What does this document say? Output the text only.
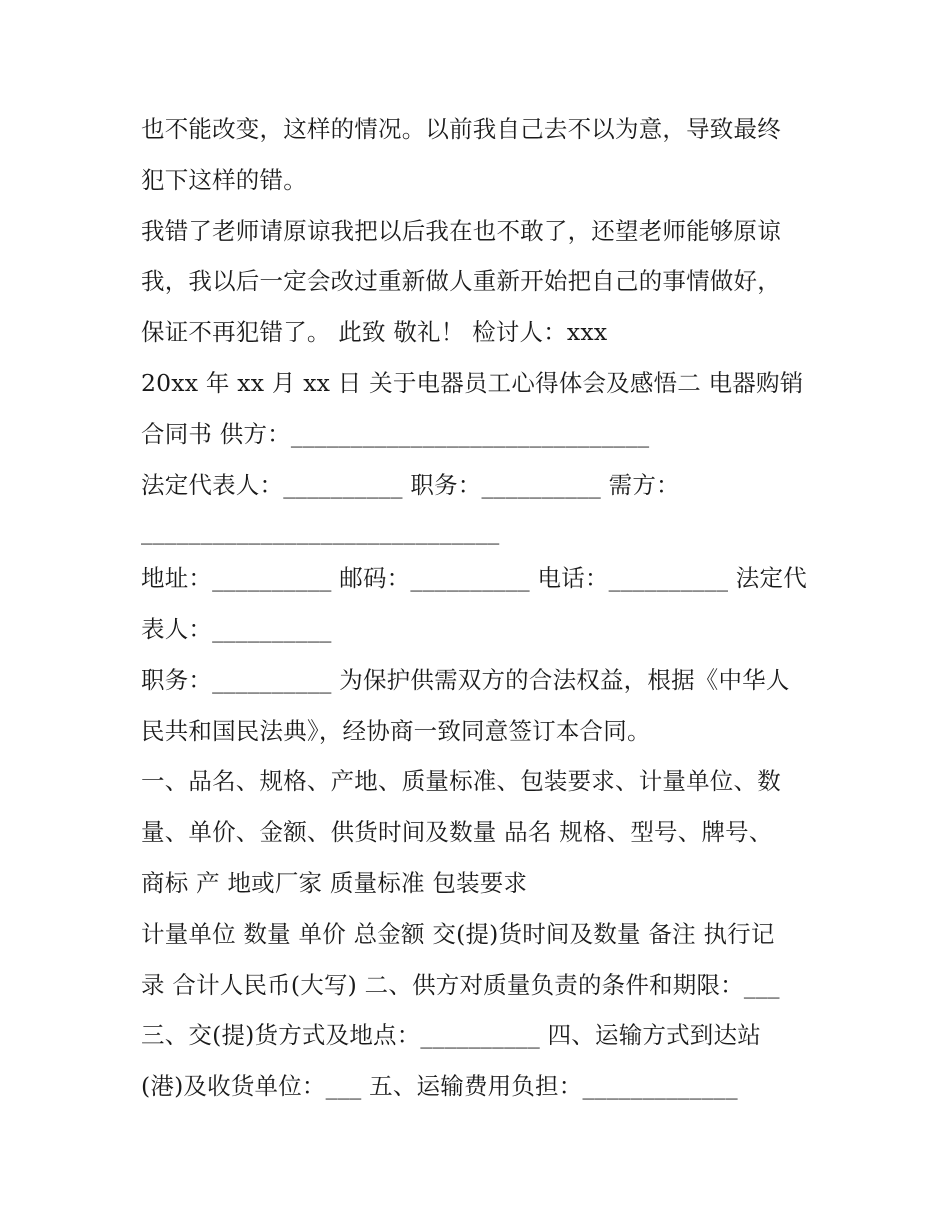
也不能改变，这样的情况。以前我自己去不以为意，导致最终
犯下这样的错。
我错了老师请原谅我把以后我在也不敢了，还望老师能够原谅
我，我以后一定会改过重新做人重新开始把自己的事情做好，
保证不再犯错了。 此致 敬礼！ 检讨人：xxx
20xx 年 xx 月 xx 日 关于电器员工心得体会及感悟二 电器购销
合同书 供方：______________________________
法定代表人：__________ 职务：__________ 需方：
______________________________
地址：__________ 邮码：__________ 电话：__________ 法定代
表人：__________
职务：__________ 为保护供需双方的合法权益，根据《中华人
民共和国民法典》，经协商一致同意签订本合同。
一、品名、规格、产地、质量标准、包装要求、计量单位、数
量、单价、金额、供货时间及数量 品名 规格、型号、牌号、
商标 产 地或厂家 质量标准 包装要求
计量单位 数量 单价 总金额 交(提)货时间及数量 备注 执行记
录 合计人民币(大写) 二、供方对质量负责的条件和期限：___
三、交(提)货方式及地点：__________ 四、运输方式到达站
(港)及收货单位：___ 五、运输费用负担：_____________
